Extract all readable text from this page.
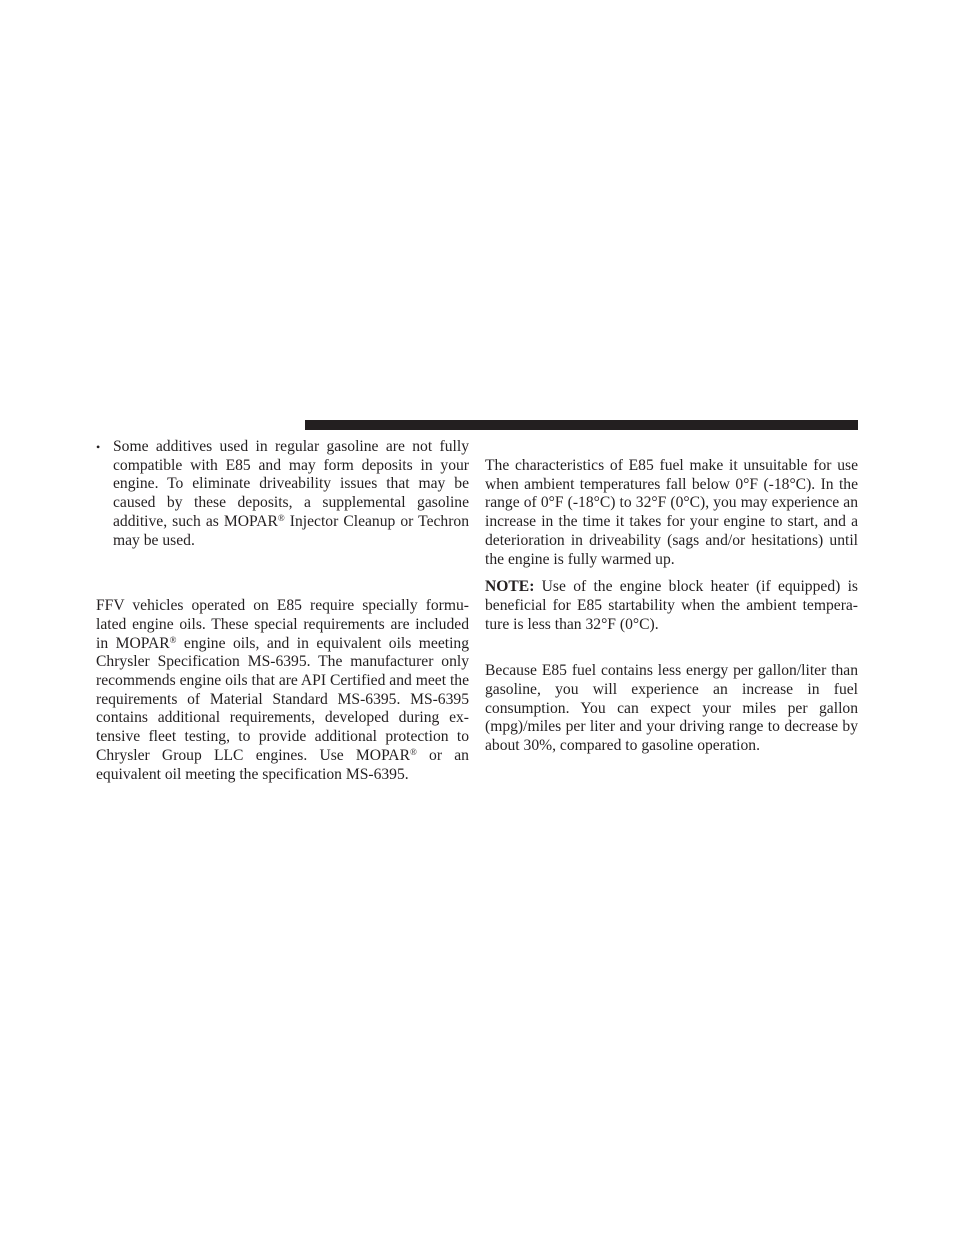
• Some additives used in regular gasoline are not fully compatible with E85 and may form deposits in your engine. To eliminate driveability issues that may be caused by these deposits, a supplemental gasoline additive, such as MOPAR® Injector Cleanup or Techron may be used.

FFV vehicles operated on E85 require specially formu-lated engine oils. These special requirements are included in MOPAR® engine oils, and in equivalent oils meeting Chrysler Specification MS-6395. The manufacturer only recommends engine oils that are API Certified and meet the requirements of Material Standard MS-6395. MS-6395 contains additional requirements, developed during ex-tensive fleet testing, to provide additional protection to Chrysler Group LLC engines. Use MOPAR® or an equivalent oil meeting the specification MS-6395.

The characteristics of E85 fuel make it unsuitable for use when ambient temperatures fall below 0°F (-18°C). In the range of 0°F (-18°C) to 32°F (0°C), you may experience an increase in the time it takes for your engine to start, and a deterioration in driveability (sags and/or hesitations) until the engine is fully warmed up.

NOTE: Use of the engine block heater (if equipped) is beneficial for E85 startability when the ambient tempera-ture is less than 32°F (0°C).

Because E85 fuel contains less energy per gallon/liter than gasoline, you will experience an increase in fuel consumption. You can expect your miles per gallon (mpg)/miles per liter and your driving range to decrease by about 30%, compared to gasoline operation.
